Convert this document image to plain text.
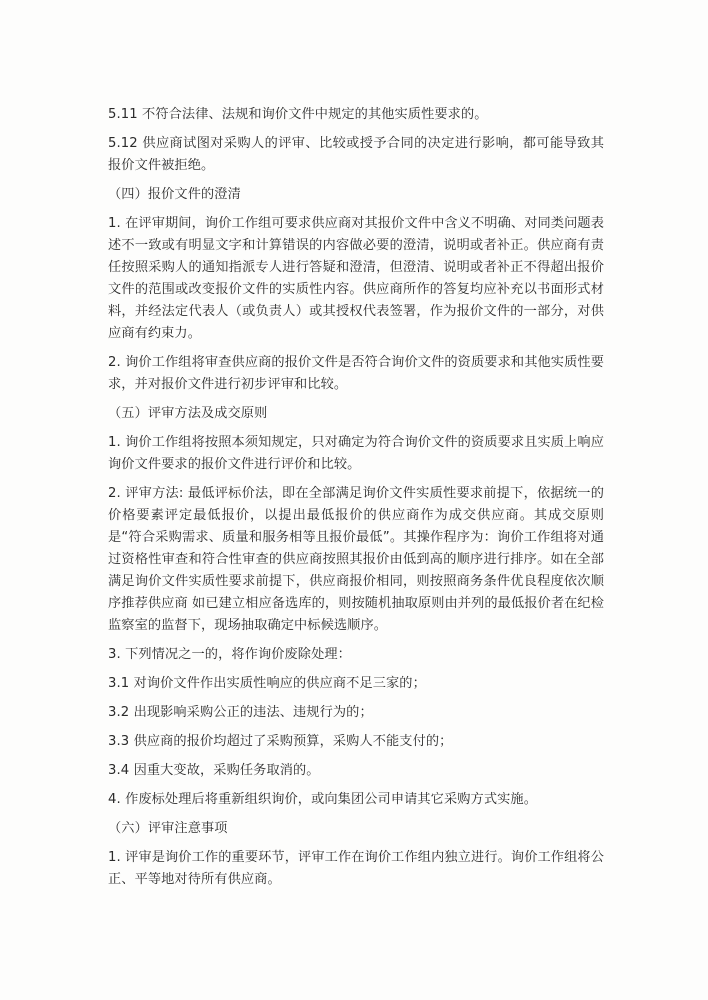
5.11 不符合法律、法规和询价文件中规定的其他实质性要求的。

5.12 供应商试图对采购人的评审、比较或授予合同的决定进行影响，都可能导致其报价文件被拒绝。

（四）报价文件的澄清

1. 在评审期间，询价工作组可要求供应商对其报价文件中含义不明确、对同类问题表述不一致或有明显文字和计算错误的内容做必要的澄清，说明或者补正。供应商有责任按照采购人的通知指派专人进行答疑和澄清，但澄清、说明或者补正不得超出报价文件的范围或改变报价文件的实质性内容。供应商所作的答复均应补充以书面形式材料，并经法定代表人（或负责人）或其授权代表签署，作为报价文件的一部分，对供应商有约束力。

2. 询价工作组将审查供应商的报价文件是否符合询价文件的资质要求和其他实质性要求，并对报价文件进行初步评审和比较。

（五）评审方法及成交原则

1. 询价工作组将按照本须知规定，只对确定为符合询价文件的资质要求且实质上响应询价文件要求的报价文件进行评价和比较。

2. 评审方法: 最低评标价法，即在全部满足询价文件实质性要求前提下，依据统一的价格要素评定最低报价，以提出最低报价的供应商作为成交供应商。其成交原则是“符合采购需求、质量和服务相等且报价最低”。其操作程序为：询价工作组将对通过资格性审查和符合性审查的供应商按照其报价由低到高的顺序进行排序。如在全部满足询价文件实质性要求前提下，供应商报价相同，则按照商务条件优良程度依次顺序推荐供应商 如已建立相应备选库的，则按随机抽取原则由并列的最低报价者在纪检监察室的监督下，现场抽取确定中标候选顺序。

3. 下列情况之一的，将作询价废除处理：

3.1 对询价文件作出实质性响应的供应商不足三家的；

3.2 出现影响采购公正的违法、违规行为的；

3.3 供应商的报价均超过了采购预算，采购人不能支付的；

3.4 因重大变故，采购任务取消的。

4. 作废标处理后将重新组织询价，或向集团公司申请其它采购方式实施。

（六）评审注意事项

1. 评审是询价工作的重要环节，评审工作在询价工作组内独立进行。询价工作组将公正、平等地对待所有供应商。
